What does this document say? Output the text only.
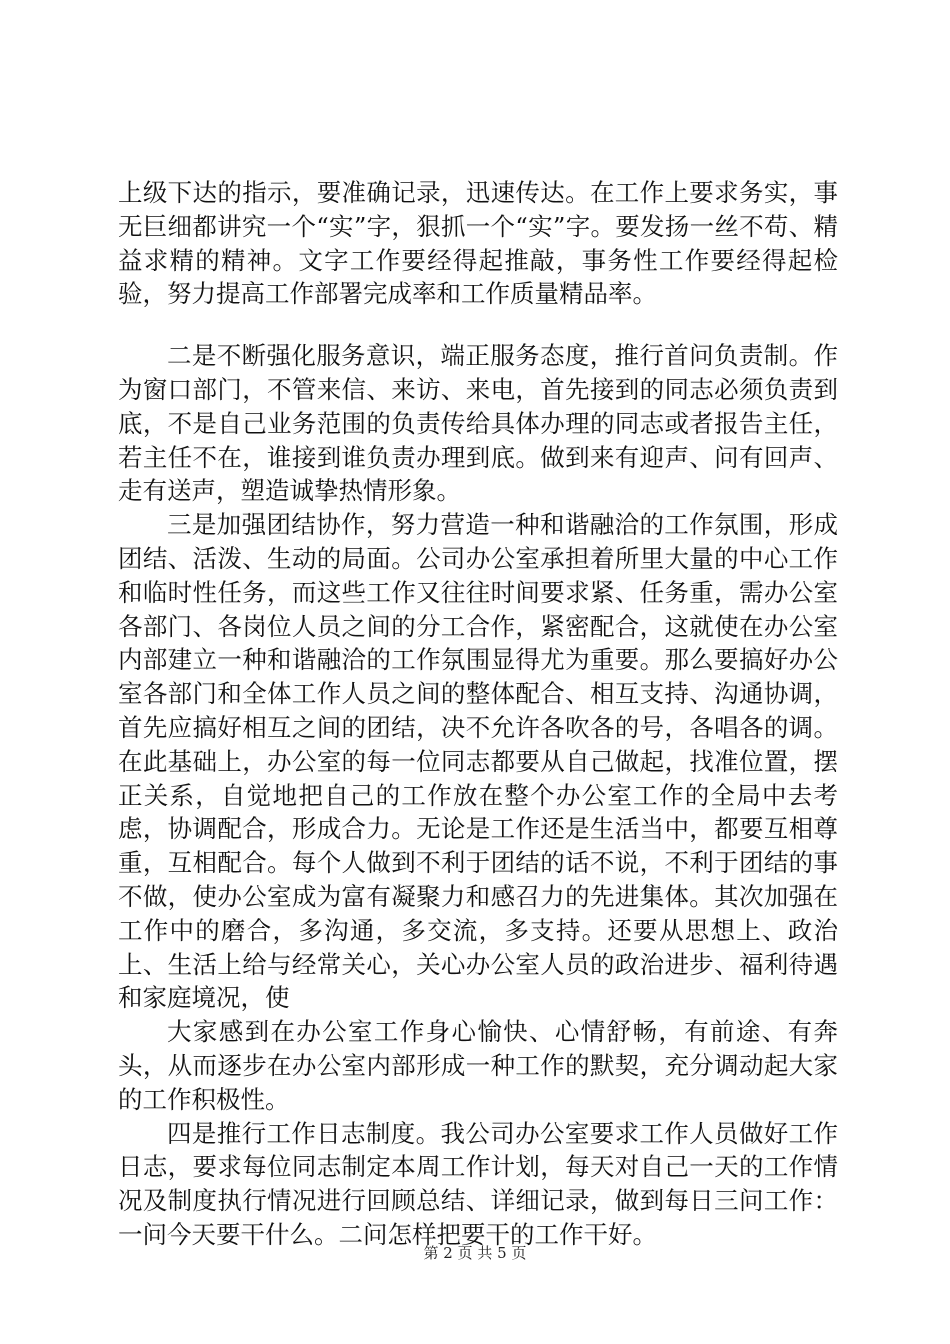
上级下达的指示，要准确记录，迅速传达。在工作上要求务实，事无巨细都讲究一个“实”字，狠抓一个“实”字。要发扬一丝不苟、精益求精的精神。文字工作要经得起推敲，事务性工作要经得起检验，努力提高工作部署完成率和工作质量精品率。

二是不断强化服务意识，端正服务态度，推行首问负责制。作为窗口部门，不管来信、来访、来电，首先接到的同志必须负责到底，不是自己业务范围的负责传给具体办理的同志或者报告主任，若主任不在，谁接到谁负责办理到底。做到来有迎声、问有回声、走有送声，塑造诚挚热情形象。

三是加强团结协作，努力营造一种和谐融洽的工作氛围，形成团结、活泼、生动的局面。公司办公室承担着所里大量的中心工作和临时性任务，而这些工作又往往时间要求紧、任务重，需办公室各部门、各岗位人员之间的分工合作，紧密配合，这就使在办公室内部建立一种和谐融洽的工作氛围显得尤为重要。那么要搞好办公室各部门和全体工作人员之间的整体配合、相互支持、沟通协调，首先应搞好相互之间的团结，决不允许各吹各的号，各唱各的调。在此基础上，办公室的每一位同志都要从自己做起，找准位置，摆正关系，自觉地把自己的工作放在整个办公室工作的全局中去考虑，协调配合，形成合力。无论是工作还是生活当中，都要互相尊重，互相配合。每个人做到不利于团结的话不说，不利于团结的事不做，使办公室成为富有凝聚力和感召力的先进集体。其次加强在工作中的磨合，多沟通，多交流，多支持。还要从思想上、政治上、生活上给与经常关心，关心办公室人员的政治进步、福利待遇和家庭境况，使

大家感到在办公室工作身心愉快、心情舒畅，有前途、有奔头，从而逐步在办公室内部形成一种工作的默契，充分调动起大家的工作积极性。

四是推行工作日志制度。我公司办公室要求工作人员做好工作日志，要求每位同志制定本周工作计划，每天对自己一天的工作情况及制度执行情况进行回顾总结、详细记录，做到每日三问工作：一问今天要干什么。二问怎样把要干的工作干好。

第 2 页 共 5 页
